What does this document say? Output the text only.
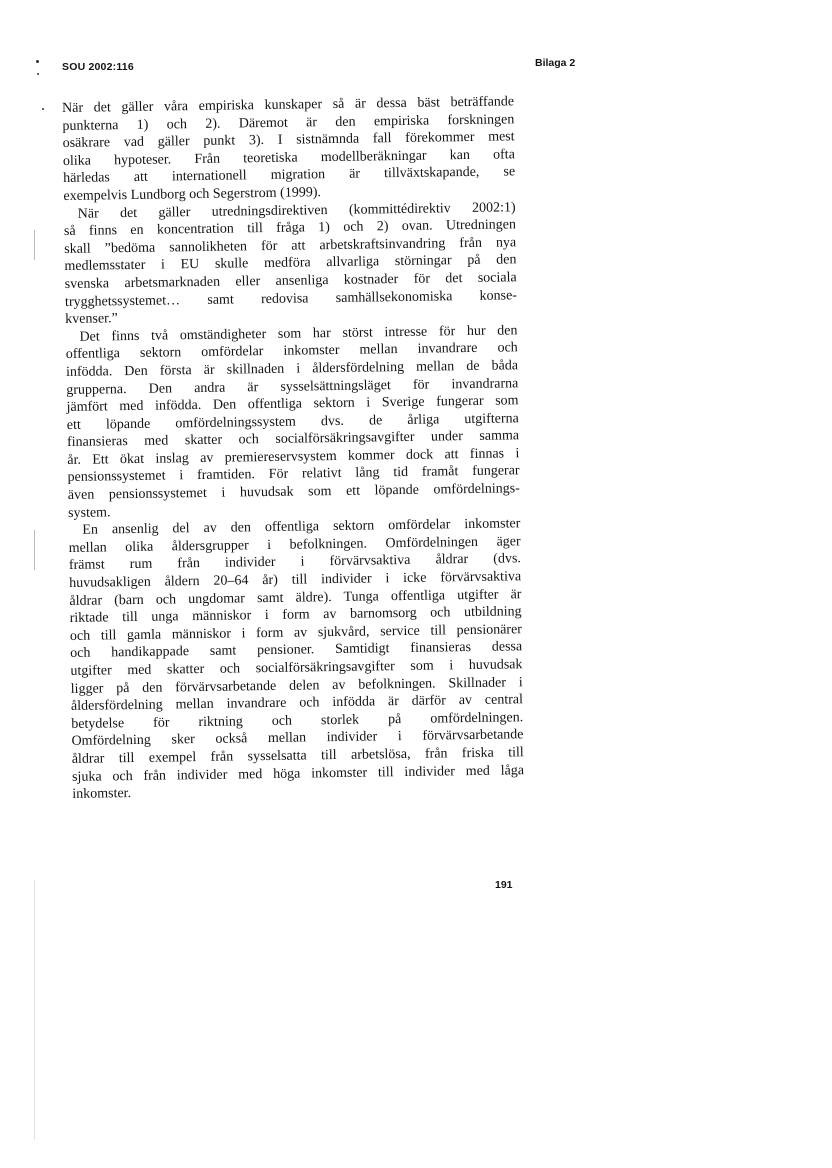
SOU 2002:116	Bilaga 2
När det gäller våra empiriska kunskaper så är dessa bäst beträffande
punkterna 1) och 2). Däremot är den empiriska forskningen
osäkrare vad gäller punkt 3). I sistnämnda fall förekommer mest
olika hypoteser. Från teoretiska modellberäkningar kan ofta
härledas att internationell migration är tillväxtskapande, se
exempelvis Lundborg och Segerstrom (1999).
När det gäller utredningsdirektiven (kommittédirektiv 2002:1)
så finns en koncentration till fråga 1) och 2) ovan. Utredningen
skall ”bedöma sannolikheten för att arbetskraftsinvandring från nya
medlemsstater i EU skulle medföra allvarliga störningar på den
svenska arbetsmarknaden eller ansenliga kostnader för det sociala
trygghetssystemet… samt redovisa samhällsekonomiska konse-
kvenser.”
Det finns två omständigheter som har störst intresse för hur den
offentliga sektorn omfördelar inkomster mellan invandrare och
infödda. Den första är skillnaden i åldersfördelning mellan de båda
grupperna. Den andra är sysselsättningsläget för invandrarna
jämfört med infödda. Den offentliga sektorn i Sverige fungerar som
ett löpande omfördelningssystem dvs. de årliga utgifterna
finansieras med skatter och socialförsäkringsavgifter under samma
år. Ett ökat inslag av premiereservsystem kommer dock att finnas i
pensionssystemet i framtiden. För relativt lång tid framåt fungerar
även pensionssystemet i huvudsak som ett löpande omfördelnings-
system.
En ansenlig del av den offentliga sektorn omfördelar inkomster
mellan olika åldersgrupper i befolkningen. Omfördelningen äger
främst rum från individer i förvärvsaktiva åldrar (dvs.
huvudsakligen åldern 20–64 år) till individer i icke förvärvsaktiva
åldrar (barn och ungdomar samt äldre). Tunga offentliga utgifter är
riktade till unga människor i form av barnomsorg och utbildning
och till gamla människor i form av sjukvård, service till pensionärer
och handikappade samt pensioner. Samtidigt finansieras dessa
utgifter med skatter och socialförsäkringsavgifter som i huvudsak
ligger på den förvärvsarbetande delen av befolkningen. Skillnader i
åldersfördelning mellan invandrare och infödda är därför av central
betydelse för riktning och storlek på omfördelningen.
Omfördelning sker också mellan individer i förvärvsarbetande
åldrar till exempel från sysselsatta till arbetslösa, från friska till
sjuka och från individer med höga inkomster till individer med låga
inkomster.
191
